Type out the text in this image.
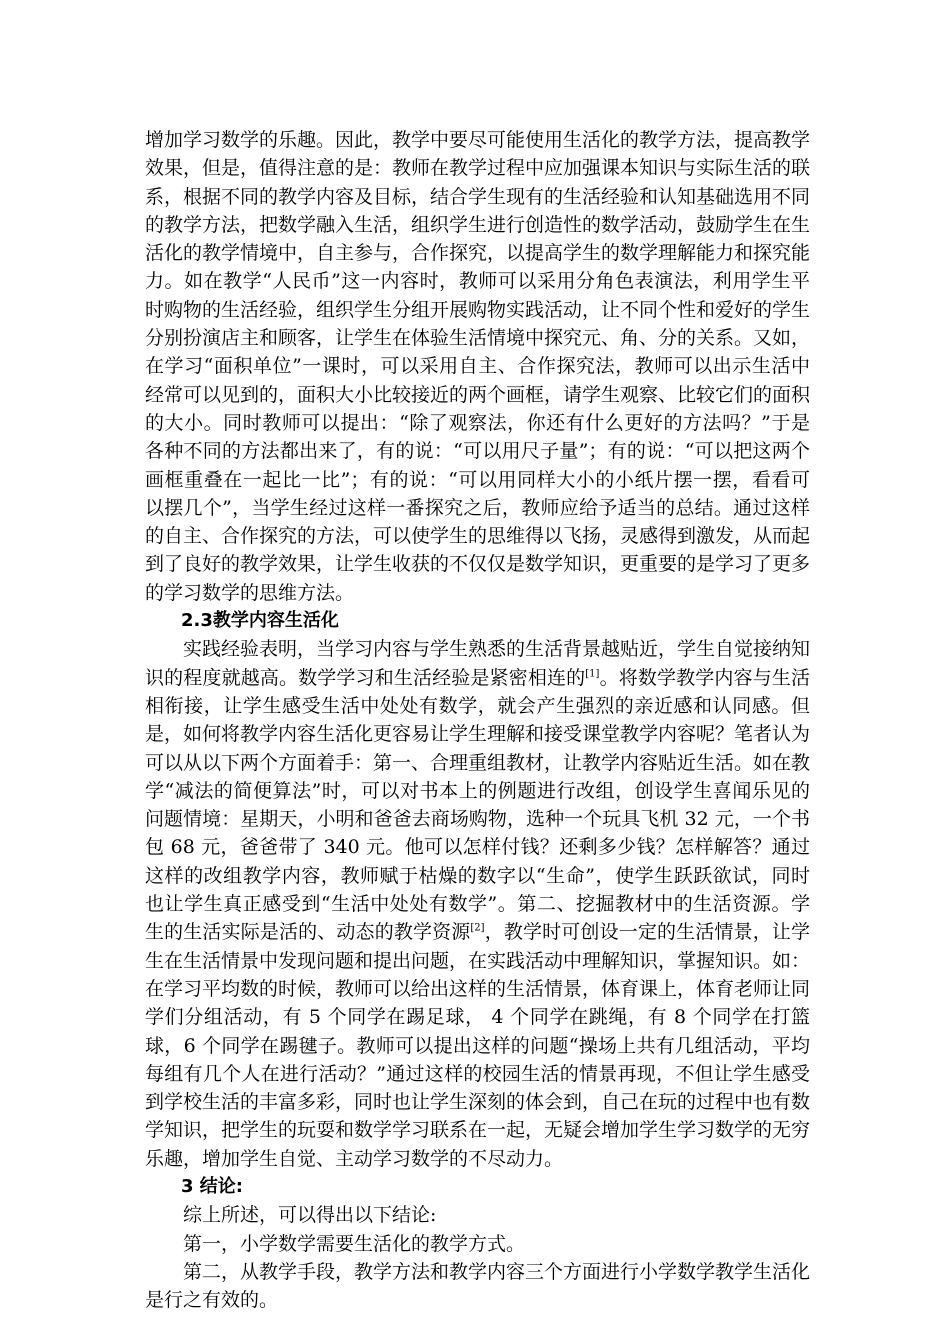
增加学习数学的乐趣。因此，教学中要尽可能使用生活化的教学方法，提高教学效果，但是，值得注意的是：教师在教学过程中应加强课本知识与实际生活的联系，根据不同的教学内容及目标，结合学生现有的生活经验和认知基础选用不同的教学方法，把数学融入生活，组织学生进行创造性的数学活动，鼓励学生在生活化的教学情境中，自主参与，合作探究，以提高学生的数学理解能力和探究能力。如在教学“人民币”这一内容时，教师可以采用分角色表演法，利用学生平时购物的生活经验，组织学生分组开展购物实践活动，让不同个性和爱好的学生分别扮演店主和顾客，让学生在体验生活情境中探究元、角、分的关系。又如，在学习“面积单位”一课时，可以采用自主、合作探究法，教师可以出示生活中经常可以见到的，面积大小比较接近的两个画框，请学生观察、比较它们的面积的大小。同时教师可以提出：“除了观察法，你还有什么更好的方法吗？”于是各种不同的方法都出来了，有的说：“可以用尺子量”；有的说：“可以把这两个画框重叠在一起比一比”；有的说：“可以用同样大小的小纸片摆一摆，看看可以摆几个”，当学生经过这样一番探究之后，教师应给予适当的总结。通过这样的自主、合作探究的方法，可以使学生的思维得以飞扬，灵感得到激发，从而起到了良好的教学效果，让学生收获的不仅仅是数学知识，更重要的是学习了更多的学习数学的思维方法。

2.3教学内容生活化

实践经验表明，当学习内容与学生熟悉的生活背景越贴近，学生自觉接纳知识的程度就越高。数学学习和生活经验是紧密相连的[1]。将数学教学内容与生活相衔接，让学生感受生活中处处有数学，就会产生强烈的亲近感和认同感。但是，如何将教学内容生活化更容易让学生理解和接受课堂教学内容呢？笔者认为可以从以下两个方面着手：第一、合理重组教材，让教学内容贴近生活。如在教学“减法的简便算法”时，可以对书本上的例题进行改组，创设学生喜闻乐见的问题情境：星期天，小明和爸爸去商场购物，选种一个玩具飞机 32 元，一个书包 68 元，爸爸带了 340 元。他可以怎样付钱？还剩多少钱？怎样解答？通过这样的改组教学内容，教师赋于枯燥的数字以“生命”，使学生跃跃欲试，同时也让学生真正感受到“生活中处处有数学”。第二、挖掘教材中的生活资源。学生的生活实际是活的、动态的教学资源[2]，教学时可创设一定的生活情景，让学生在生活情景中发现问题和提出问题，在实践活动中理解知识，掌握知识。如：在学习平均数的时候，教师可以给出这样的生活情景，体育课上，体育老师让同学们分组活动，有 5 个同学在踢足球， 4 个同学在跳绳，有 8 个同学在打篮球，6 个同学在踢毽子。教师可以提出这样的问题“操场上共有几组活动，平均每组有几个人在进行活动？”通过这样的校园生活的情景再现，不但让学生感受到学校生活的丰富多彩，同时也让学生深刻的体会到，自己在玩的过程中也有数学知识，把学生的玩耍和数学学习联系在一起，无疑会增加学生学习数学的无穷乐趣，增加学生自觉、主动学习数学的不尽动力。

3 结论:

综上所述，可以得出以下结论:

第一，小学数学需要生活化的教学方式。

第二，从教学手段，教学方法和教学内容三个方面进行小学数学教学生活化是行之有效的。
